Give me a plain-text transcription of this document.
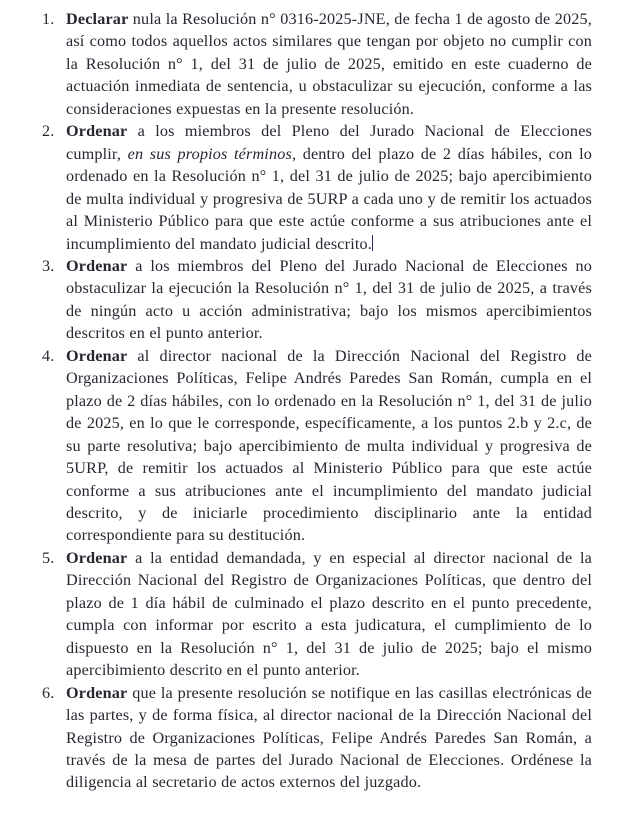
Declarar nula la Resolución n° 0316-2025-JNE, de fecha 1 de agosto de 2025, así como todos aquellos actos similares que tengan por objeto no cumplir con la Resolución n° 1, del 31 de julio de 2025, emitido en este cuaderno de actuación inmediata de sentencia, u obstaculizar su ejecución, conforme a las consideraciones expuestas en la presente resolución.

Ordenar a los miembros del Pleno del Jurado Nacional de Elecciones cumplir, en sus propios términos, dentro del plazo de 2 días hábiles, con lo ordenado en la Resolución n° 1, del 31 de julio de 2025; bajo apercibimiento de multa individual y progresiva de 5URP a cada uno y de remitir los actuados al Ministerio Público para que este actúe conforme a sus atribuciones ante el incumplimiento del mandato judicial descrito.

Ordenar a los miembros del Pleno del Jurado Nacional de Elecciones no obstaculizar la ejecución la Resolución n° 1, del 31 de julio de 2025, a través de ningún acto u acción administrativa; bajo los mismos apercibimientos descritos en el punto anterior.

Ordenar al director nacional de la Dirección Nacional del Registro de Organizaciones Políticas, Felipe Andrés Paredes San Román, cumpla en el plazo de 2 días hábiles, con lo ordenado en la Resolución n° 1, del 31 de julio de 2025, en lo que le corresponde, específicamente, a los puntos 2.b y 2.c, de su parte resolutiva; bajo apercibimiento de multa individual y progresiva de 5URP, de remitir los actuados al Ministerio Público para que este actúe conforme a sus atribuciones ante el incumplimiento del mandato judicial descrito, y de iniciarle procedimiento disciplinario ante la entidad correspondiente para su destitución.

Ordenar a la entidad demandada, y en especial al director nacional de la Dirección Nacional del Registro de Organizaciones Políticas, que dentro del plazo de 1 día hábil de culminado el plazo descrito en el punto precedente, cumpla con informar por escrito a esta judicatura, el cumplimiento de lo dispuesto en la Resolución n° 1, del 31 de julio de 2025; bajo el mismo apercibimiento descrito en el punto anterior.

Ordenar que la presente resolución se notifique en las casillas electrónicas de las partes, y de forma física, al director nacional de la Dirección Nacional del Registro de Organizaciones Políticas, Felipe Andrés Paredes San Román, a través de la mesa de partes del Jurado Nacional de Elecciones. Ordénese la diligencia al secretario de actos externos del juzgado.
